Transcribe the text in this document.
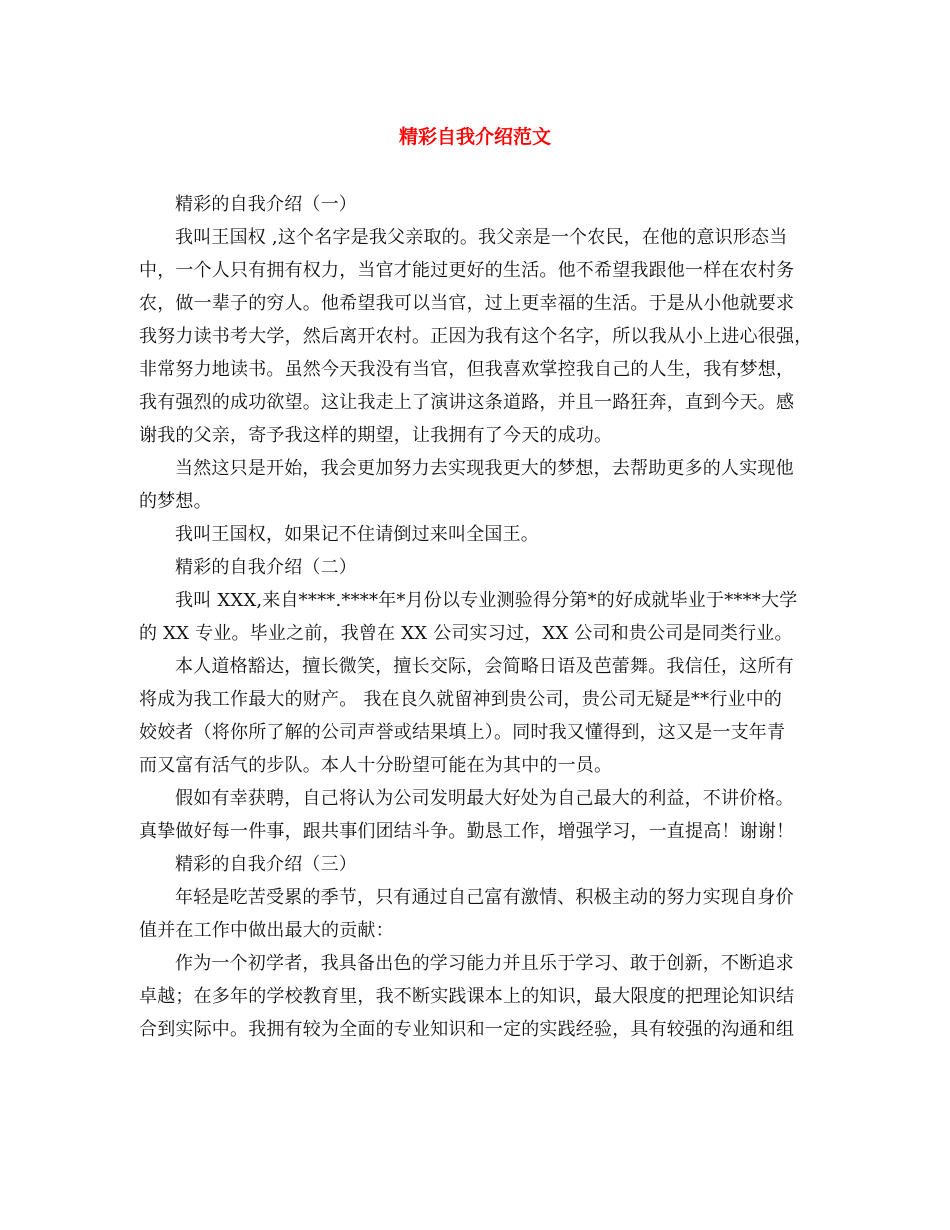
精彩自我介绍范文
精彩的自我介绍（一）
我叫王国权 ,这个名字是我父亲取的。我父亲是一个农民，在他的意识形态当
中，一个人只有拥有权力，当官才能过更好的生活。他不希望我跟他一样在农村务
农，做一辈子的穷人。他希望我可以当官，过上更幸福的生活。于是从小他就要求
我努力读书考大学，然后离开农村。正因为我有这个名字，所以我从小上进心很强，
非常努力地读书。虽然今天我没有当官，但我喜欢掌控我自己的人生，我有梦想，
我有强烈的成功欲望。这让我走上了演讲这条道路，并且一路狂奔，直到今天。感
谢我的父亲，寄予我这样的期望，让我拥有了今天的成功。
当然这只是开始，我会更加努力去实现我更大的梦想，去帮助更多的人实现他
的梦想。
我叫王国权，如果记不住请倒过来叫全国王。
精彩的自我介绍（二）
我叫 XXX,来自****.****年*月份以专业测验得分第*的好成就毕业于****大学
的 XX 专业。毕业之前，我曾在 XX 公司实习过，XX 公司和贵公司是同类行业。
本人道格豁达，擅长微笑，擅长交际，会简略日语及芭蕾舞。我信任，这所有
将成为我工作最大的财产。 我在良久就留神到贵公司，贵公司无疑是**行业中的
姣姣者（将你所了解的公司声誉或结果填上）。同时我又懂得到，这又是一支年青
而又富有活气的步队。本人十分盼望可能在为其中的一员。
假如有幸获聘，自己将认为公司发明最大好处为自己最大的利益，不讲价格。
真挚做好每一件事，跟共事们团结斗争。勤恳工作，增强学习，一直提高！谢谢！
精彩的自我介绍（三）
年轻是吃苦受累的季节，只有通过自己富有激情、积极主动的努力实现自身价
值并在工作中做出最大的贡献：
作为一个初学者，我具备出色的学习能力并且乐于学习、敢于创新，不断追求
卓越；在多年的学校教育里，我不断实践课本上的知识，最大限度的把理论知识结
合到实际中。我拥有较为全面的专业知识和一定的实践经验，具有较强的沟通和组
